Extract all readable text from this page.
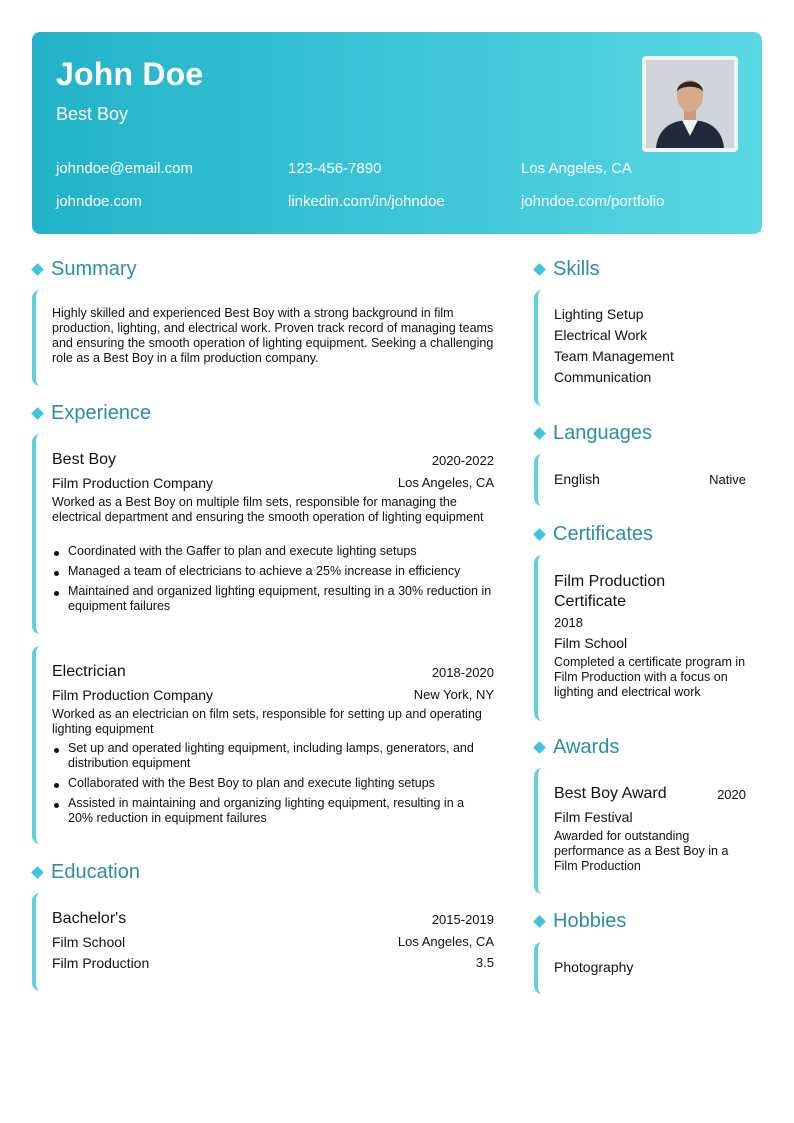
John Doe
Best Boy
johndoe@email.com	123-456-7890	Los Angeles, CA
johndoe.com	linkedin.com/in/johndoe	johndoe.com/portfolio
Summary
Highly skilled and experienced Best Boy with a strong background in film production, lighting, and electrical work. Proven track record of managing teams and ensuring the smooth operation of lighting equipment. Seeking a challenging role as a Best Boy in a film production company.
Experience
Best Boy	2020-2022
Film Production Company	Los Angeles, CA
Worked as a Best Boy on multiple film sets, responsible for managing the electrical department and ensuring the smooth operation of lighting equipment
Coordinated with the Gaffer to plan and execute lighting setups
Managed a team of electricians to achieve a 25% increase in efficiency
Maintained and organized lighting equipment, resulting in a 30% reduction in equipment failures
Electrician	2018-2020
Film Production Company	New York, NY
Worked as an electrician on film sets, responsible for setting up and operating lighting equipment
Set up and operated lighting equipment, including lamps, generators, and distribution equipment
Collaborated with the Best Boy to plan and execute lighting setups
Assisted in maintaining and organizing lighting equipment, resulting in a 20% reduction in equipment failures
Education
Bachelor's	2015-2019
Film School	Los Angeles, CA
Film Production	3.5
Skills
Lighting Setup
Electrical Work
Team Management
Communication
Languages
English	Native
Certificates
Film Production Certificate
2018
Film School
Completed a certificate program in Film Production with a focus on lighting and electrical work
Awards
Best Boy Award	2020
Film Festival
Awarded for outstanding performance as a Best Boy in a Film Production
Hobbies
Photography
